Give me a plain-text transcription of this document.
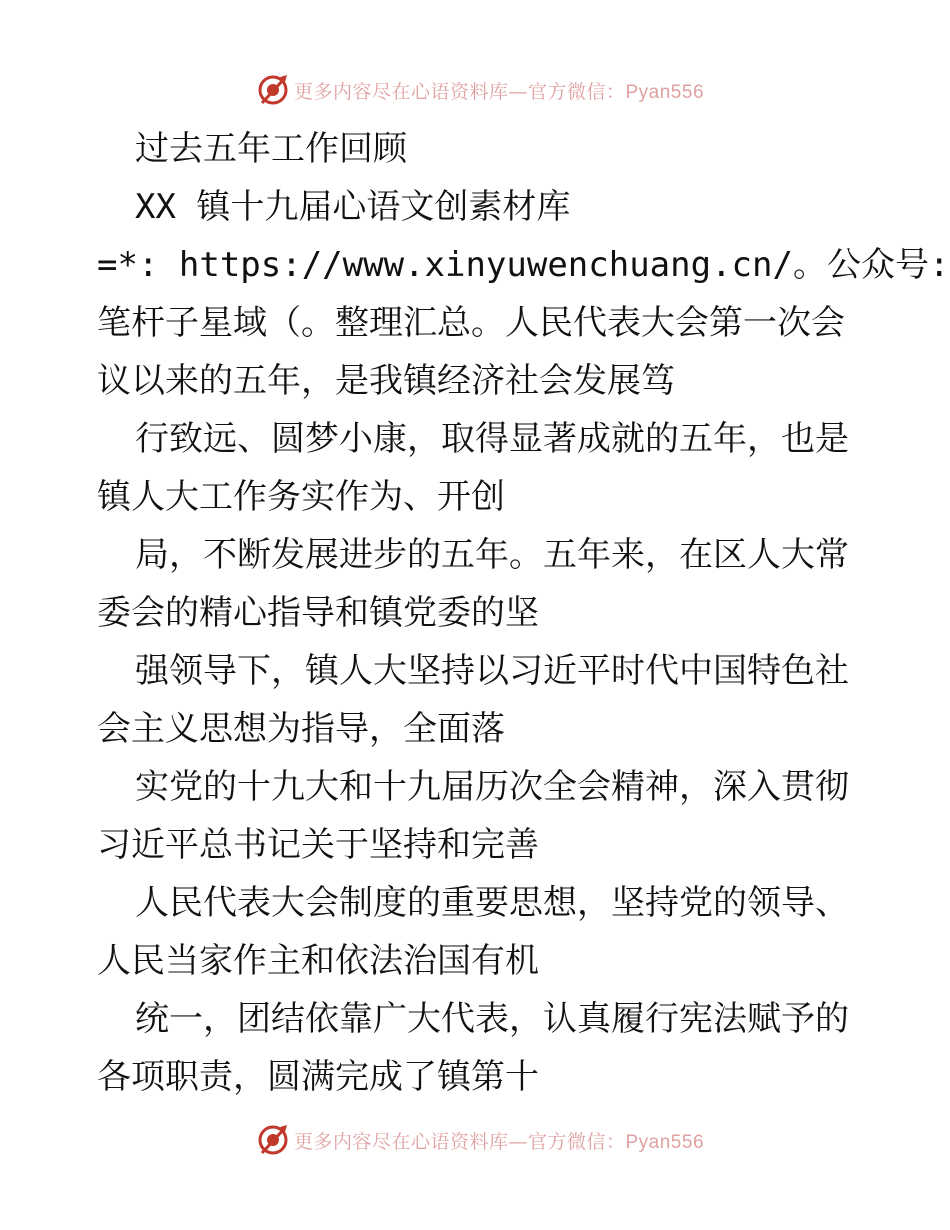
更多内容尽在心语资料库—官方微信：Pyan556
过去五年工作回顾
XX 镇十九届心语文创素材库
=*: https://www.xinyuwenchuang.cn/。公众号:
笔杆子星域（。整理汇总。人民代表大会第一次会
议以来的五年，是我镇经济社会发展笃
行致远、圆梦小康，取得显著成就的五年，也是
镇人大工作务实作为、开创
局，不断发展进步的五年。五年来，在区人大常
委会的精心指导和镇党委的坚
强领导下，镇人大坚持以习近平时代中国特色社
会主义思想为指导，全面落
实党的十九大和十九届历次全会精神，深入贯彻
习近平总书记关于坚持和完善
人民代表大会制度的重要思想，坚持党的领导、
人民当家作主和依法治国有机
统一，团结依靠广大代表，认真履行宪法赋予的
各项职责，圆满完成了镇第十
更多内容尽在心语资料库—官方微信：Pyan556
